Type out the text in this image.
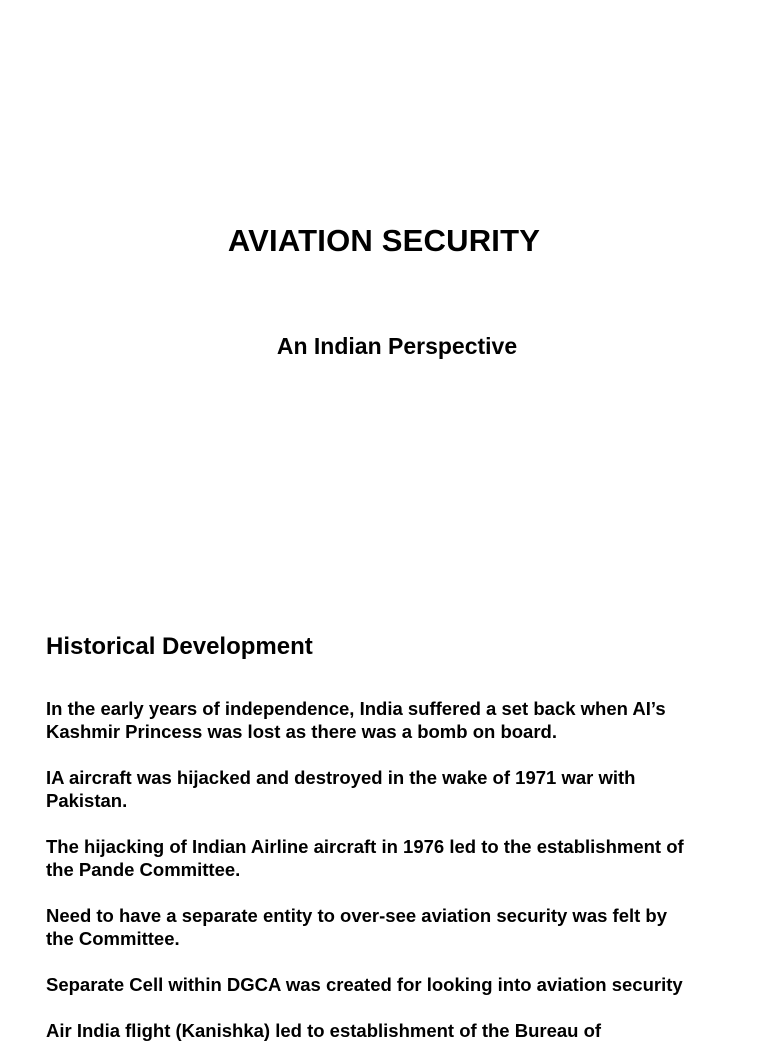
AVIATION SECURITY
An Indian Perspective
Historical Development
In the early years of independence, India suffered a set back when AI’s
Kashmir Princess was lost as there was a bomb on board.
IA aircraft was hijacked and destroyed in the wake of 1971 war with
Pakistan.
The hijacking of Indian Airline aircraft in 1976 led to the establishment of
the Pande Committee.
Need to have a separate entity to over-see aviation security was felt by
the Committee.
Separate Cell within DGCA was created for looking into aviation security
Air India flight (Kanishka) led to establishment of the Bureau of
